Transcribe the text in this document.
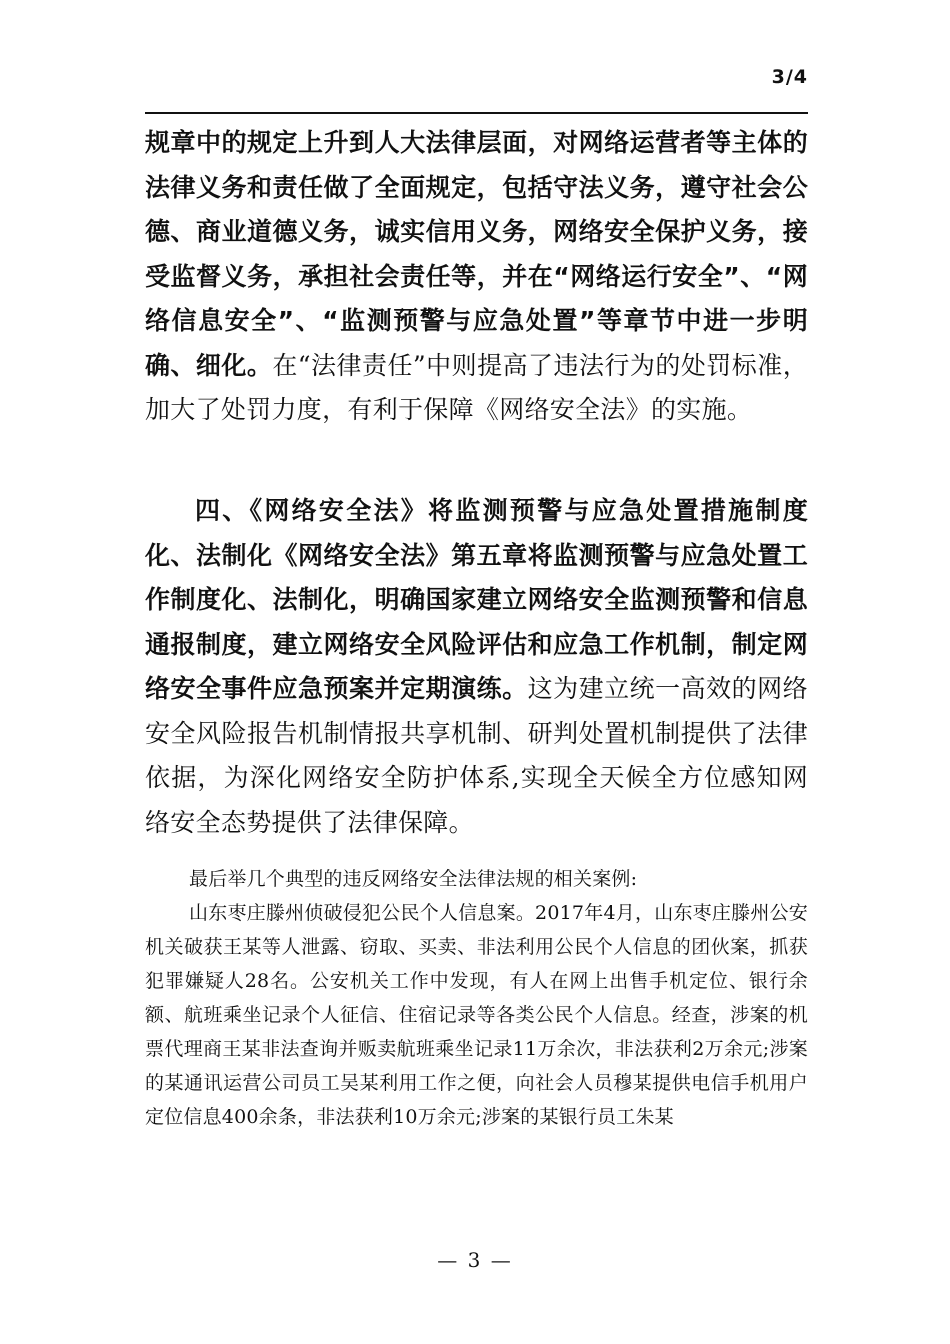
3/4
规章中的规定上升到人大法律层面，对网络运营者等主体的法律义务和责任做了全面规定，包括守法义务，遵守社会公德、商业道德义务，诚实信用义务，网络安全保护义务，接受监督义务，承担社会责任等，并在“网络运行安全”、“网络信息安全”、“监测预警与应急处置”等章节中进一步明确、细化。在“法律责任”中则提高了违法行为的处罚标准，加大了处罚力度，有利于保障《网络安全法》的实施。
四、《网络安全法》将监测预警与应急处置措施制度化、法制化《网络安全法》第五章将监测预警与应急处置工作制度化、法制化，明确国家建立网络安全监测预警和信息通报制度，建立网络安全风险评估和应急工作机制，制定网络安全事件应急预案并定期演练。这为建立统一高效的网络安全风险报告机制情报共享机制、研判处置机制提供了法律依据，为深化网络安全防护体系,实现全天候全方位感知网络安全态势提供了法律保障。
最后举几个典型的违反网络安全法律法规的相关案例:
山东枣庄滕州侦破侵犯公民个人信息案。2017年4月，山东枣庄滕州公安机关破获王某等人泄露、窃取、买卖、非法利用公民个人信息的团伙案，抓获犯罪嫌疑人28名。公安机关工作中发现，有人在网上出售手机定位、银行余额、航班乘坐记录个人征信、住宿记录等各类公民个人信息。经查，涉案的机票代理商王某非法查询并贩卖航班乘坐记录11万余次，非法获利2万余元;涉案的某通讯运营公司员工吴某利用工作之便，向社会人员穆某提供电信手机用户定位信息400余条，非法获利10万余元;涉案的某银行员工朱某
— 3 —
